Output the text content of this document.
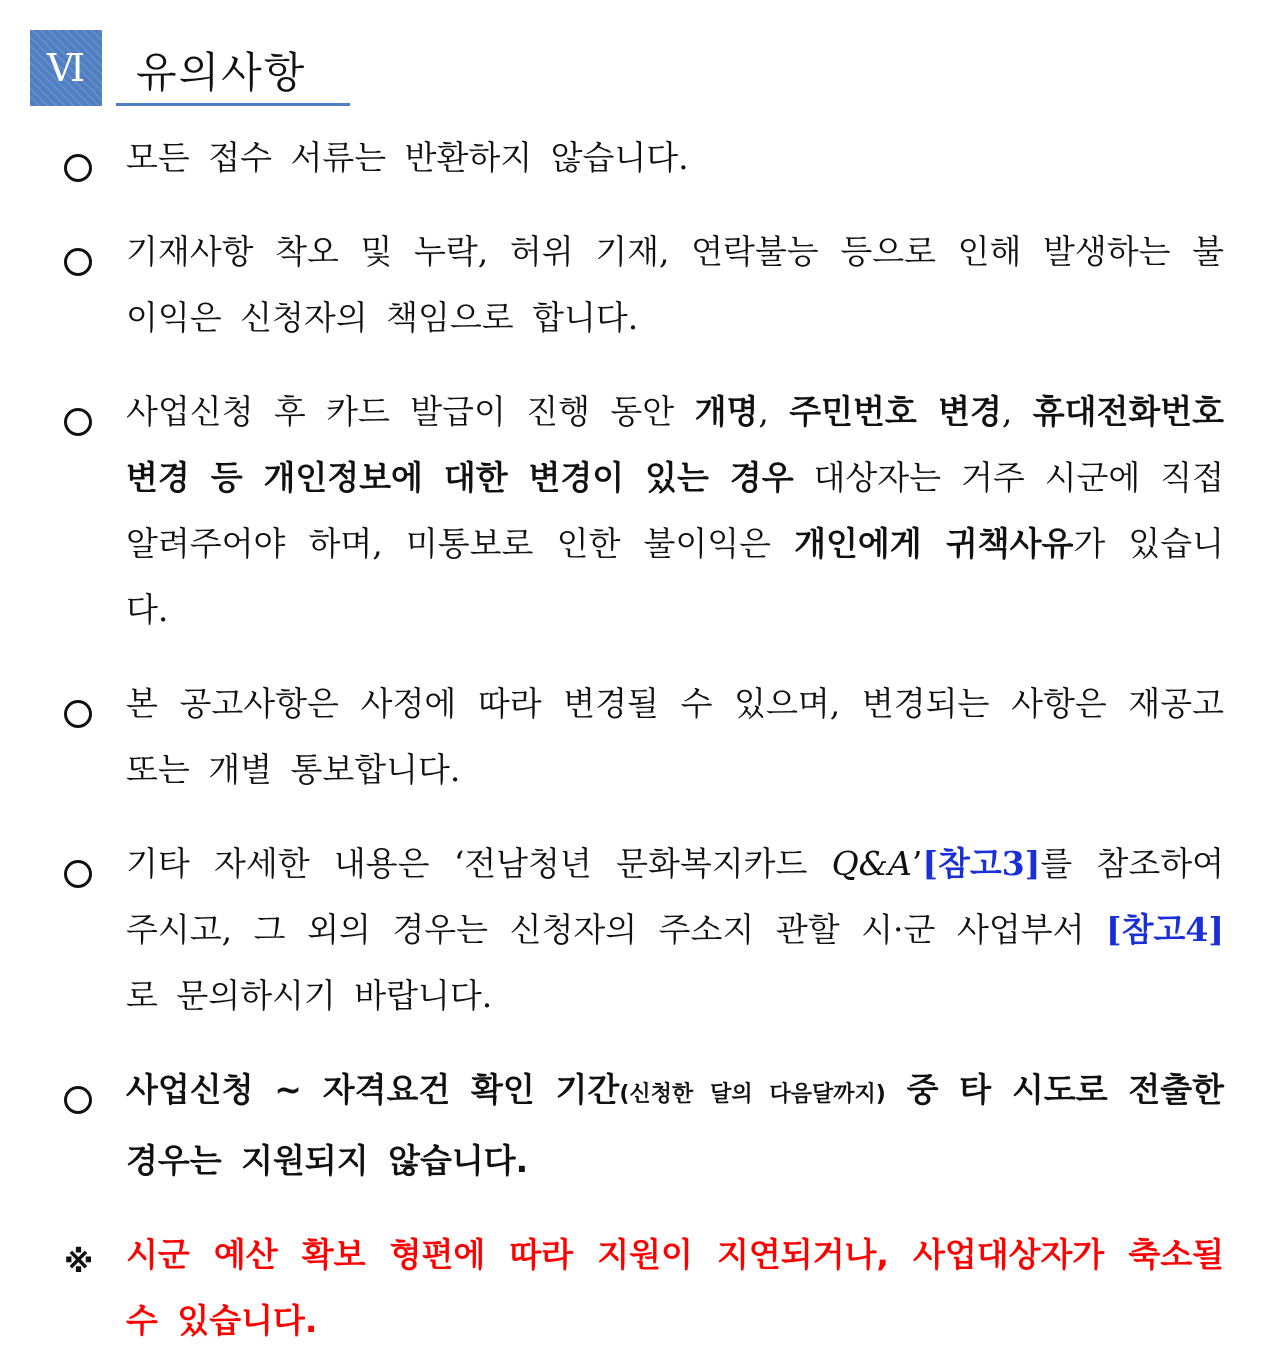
Ⅵ	유의사항
모든 접수 서류는 반환하지 않습니다.
기재사항 착오 및 누락, 허위 기재, 연락불능 등으로 인해 발생하는 불이익은 신청자의 책임으로 합니다.
사업신청 후 카드 발급이 진행 동안 개명, 주민번호 변경, 휴대전화번호 변경 등 개인정보에 대한 변경이 있는 경우 대상자는 거주 시군에 직접 알려주어야 하며, 미통보로 인한 불이익은 개인에게 귀책사유가 있습니다.
본 공고사항은 사정에 따라 변경될 수 있으며, 변경되는 사항은 재공고 또는 개별 통보합니다.
기타 자세한 내용은 ‘전남청년 문화복지카드 Q&A’[참고3]를 참조하여 주시고, 그 외의 경우는 신청자의 주소지 관할 시·군 사업부서 [참고4]로 문의하시기 바랍니다.
사업신청 ~ 자격요건 확인 기간(신청한 달의 다음달까지) 중 타 시도로 전출한 경우는 지원되지 않습니다.
※ 시군 예산 확보 형편에 따라 지원이 지연되거나, 사업대상자가 축소될 수 있습니다.
